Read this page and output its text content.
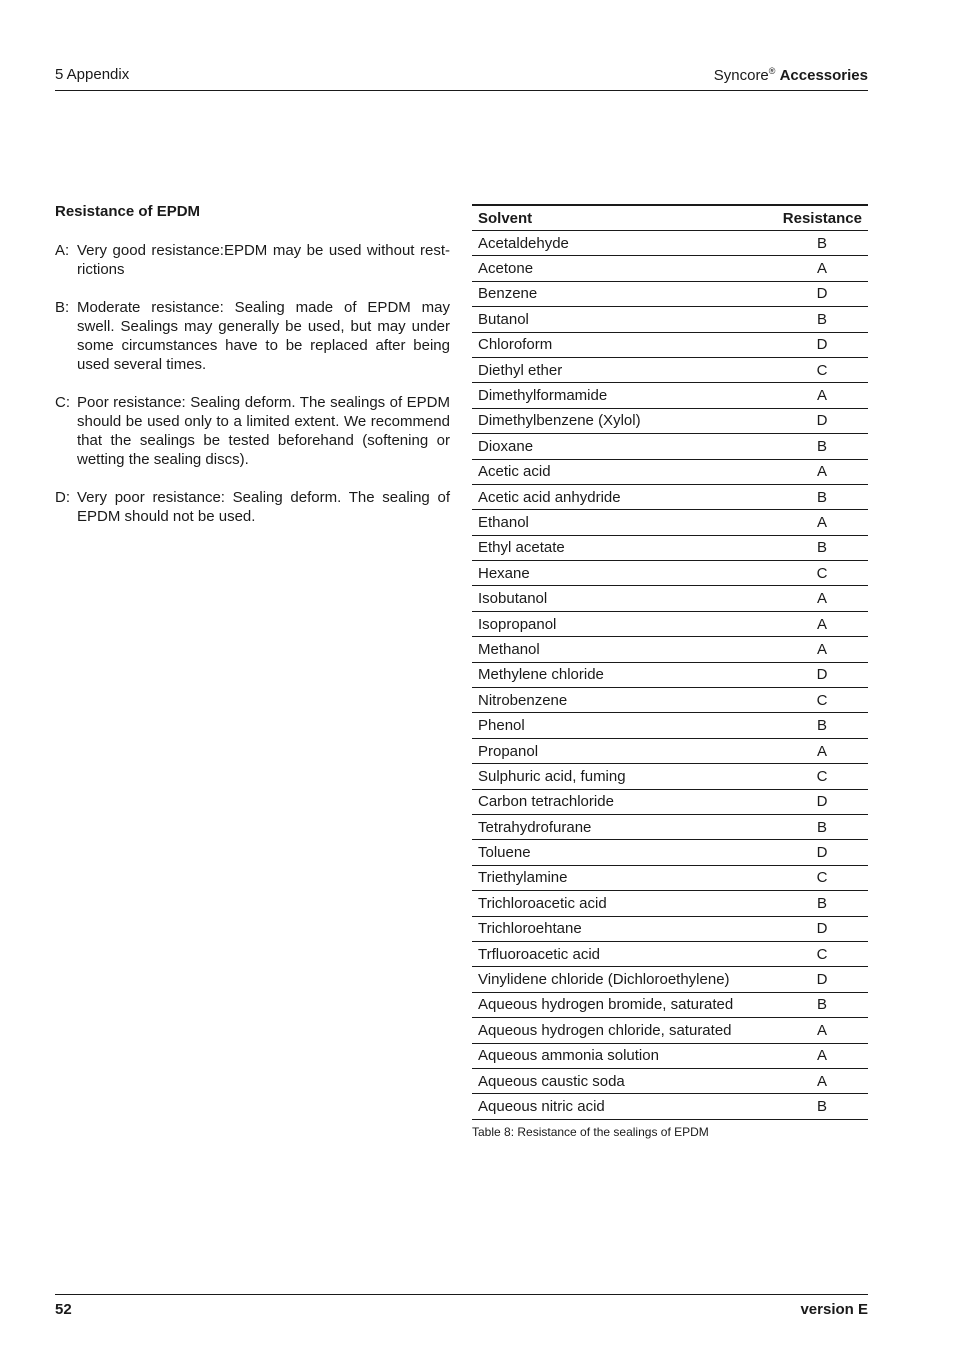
5 Appendix	Syncore® Accessories
Resistance of EPDM
A: Very good resistance:EPDM may be used without rest-rictions
B: Moderate resistance: Sealing made of EPDM may swell. Sealings may generally be used, but may under some circumstances have to be replaced after being used several times.
C: Poor resistance: Sealing deform. The sealings of EPDM should be used only to a limited extent. We recommend that the sealings be tested beforehand (softening or wetting the sealing discs).
D: Very poor resistance: Sealing deform. The sealing of EPDM should not be used.
Solvent	Resistance
Acetaldehyde	B
Acetone	A
Benzene	D
Butanol	B
Chloroform	D
Diethyl ether	C
Dimethylformamide	A
Dimethylbenzene (Xylol)	D
Dioxane	B
Acetic acid	A
Acetic acid anhydride	B
Ethanol	A
Ethyl acetate	B
Hexane	C
Isobutanol	A
Isopropanol	A
Methanol	A
Methylene chloride	D
Nitrobenzene	C
Phenol	B
Propanol	A
Sulphuric acid, fuming	C
Carbon tetrachloride	D
Tetrahydrofurane	B
Toluene	D
Triethylamine	C
Trichloroacetic acid	B
Trichloroehtane	D
Trfluoroacetic acid	C
Vinylidene chloride (Dichloroethylene)	D
Aqueous hydrogen bromide, saturated	B
Aqueous hydrogen chloride, saturated	A
Aqueous ammonia solution	A
Aqueous caustic soda	A
Aqueous nitric acid	B
Table 8: Resistance of the sealings of EPDM
52	version E
